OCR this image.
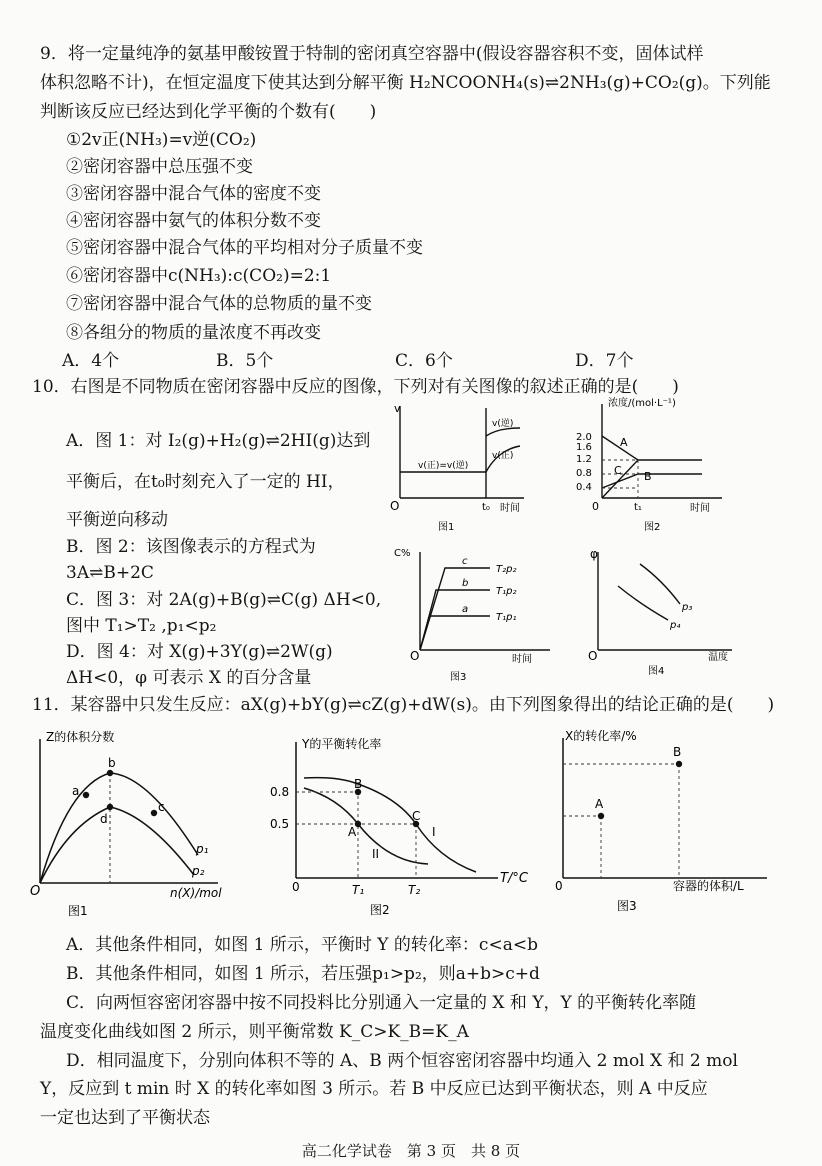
9．将一定量纯净的氨基甲酸铵置于特制的密闭真空容器中(假设容器容积不变，固体试样
体积忽略不计)，在恒定温度下使其达到分解平衡 H₂NCOONH₄(s)⇌2NH₃(g)+CO₂(g)。下列能
判断该反应已经达到化学平衡的个数有(　　)
①2v正(NH₃)=v逆(CO₂)
②密闭容器中总压强不变
③密闭容器中混合气体的密度不变
④密闭容器中氨气的体积分数不变
⑤密闭容器中混合气体的平均相对分子质量不变
⑥密闭容器中c(NH₃):c(CO₂)=2:1
⑦密闭容器中混合气体的总物质的量不变
⑧各组分的物质的量浓度不再改变
A．4个	B．5个	C．6个	D．7个
10．右图是不同物质在密闭容器中反应的图像，下列对有关图像的叙述正确的是(　　)
A．图 1：对 I₂(g)+H₂(g)⇌2HI(g)达到
平衡后，在t₀时刻充入了一定的 HI，
平衡逆向移动
B．图 2：该图像表示的方程式为
3A⇌B+2C
C．图 3：对 2A(g)+B(g)⇌C(g) ΔH<0,
图中 T₁>T₂ ,p₁<p₂
D．图 4：对 X(g)+3Y(g)⇌2W(g)
ΔH<0，φ 可表示 X 的百分含量
v
O	t₀ 时间
v(正)=v(逆)
v(逆)
v(正)
图1
浓度/(mol·L⁻¹)
2.0
1.6
1.2
0.8
0.4
0
A
B
C
t₁	时间
图2
C%
O
c
b
a
T₂p₂
T₁p₂
T₁p₁
时间
图3
φ
O
p₃
p₄
温度
图4
11．某容器中只发生反应：aX(g)+bY(g)⇌cZ(g)+dW(s)。由下列图象得出的结论正确的是(　　)
Z的体积分数
O
a
b
c
d
p₁
p₂
n(X)/mol
图1
Y的平衡转化率
0.8
0.5
0	T₁	T₂
A
B
C
I
II
T/°C
图2
X的转化率/%
0
A
B
容器的体积/L
图3
A．其他条件相同，如图 1 所示，平衡时 Y 的转化率：c<a<b
B．其他条件相同，如图 1 所示，若压强p₁>p₂，则a+b>c+d
C．向两恒容密闭容器中按不同投料比分别通入一定量的 X 和 Y，Y 的平衡转化率随
温度变化曲线如图 2 所示，则平衡常数 K_C>K_B=K_A
D．相同温度下，分别向体积不等的 A、B 两个恒容密闭容器中均通入 2 mol X 和 2 mol
Y，反应到 t min 时 X 的转化率如图 3 所示。若 B 中反应已达到平衡状态，则 A 中反应
一定也达到了平衡状态
高二化学试卷　第 3 页　共 8 页
